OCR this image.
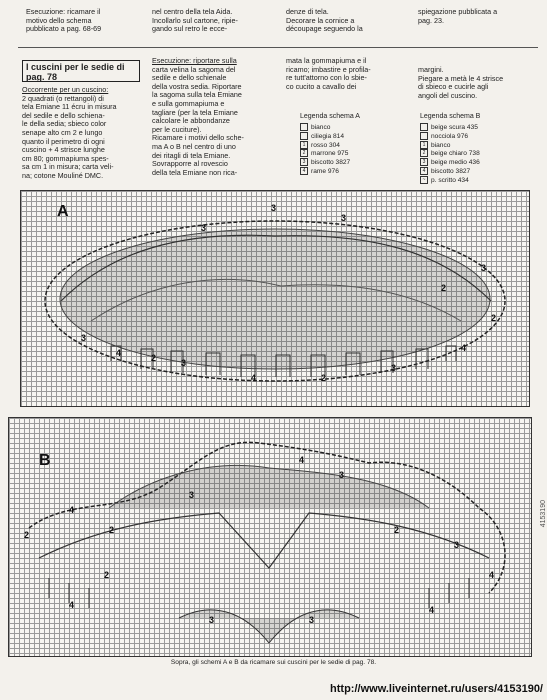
Esecuzione: ricamare il
motivo dello schema
pubblicato a pag. 68-69
nel centro della tela Aida.
Incollarlo sul cartone, ripie-
gando sul retro le ecce-
denze di tela.
Decorare la cornice a
découpage seguendo la
spiegazione pubblicata a
pag. 23.
I cuscini per le sedie di pag. 78
Occorrente per un cuscino:
2 quadrati (o rettangoli) di
tela Emiane 11 écru in misura
del sedile e dello schiena-
le della sedia; sbieco color
senape alto cm 2 e lungo
quanto il perimetro di ogni
cuscino + 4 strisce lunghe
cm 80; gommapiuma spes-
sa cm 1 in misura; carta veli-
na; cotone Mouliné DMC.
Esecuzione: riportare sulla
carta velina la sagoma del
sedile e dello schienale
della vostra sedia. Riportare
la sagoma sulla tela Emiane
e sulla gommapiuma e
tagliare (per la tela Emiane
calcolare le abbondanze
per le cuciture).
Ricamare i motivi dello sche-
ma A o B nel centro di uno
dei ritagli di tela Emiane.
Sovrapporre al rovescio
della tela Emiane non rica-
mata la gommapiuma e il
ricamo; imbastire e profila-
re tutt'attorno con lo sbie-
co cucito a cavallo dei
margini.
Piegare a metà le 4 strisce
di sbieco e cucirle agli
angoli del cuscino.
Legenda schema A
bianco
ciliegia 814
1 rosso 304
2 marrone 975
3 biscotto 3827
4 rame 976
Legenda schema B
beige scura 435
nocciola 976
1 bianco
2 beige chiaro 738
3 beige medio 436
4 biscotto 3827
~ p. scritto 434
3
3
3
3
4	2	3
4	2
3
4
2
2
3
A
2
4
2
3
4
3
2
3
4
4
2
4
3	3
B
Sopra, gli schemi A e B da ricamare sui cuscini per le sedie di pag. 78.
http://www.liveinternet.ru/users/4153190/
4153190
